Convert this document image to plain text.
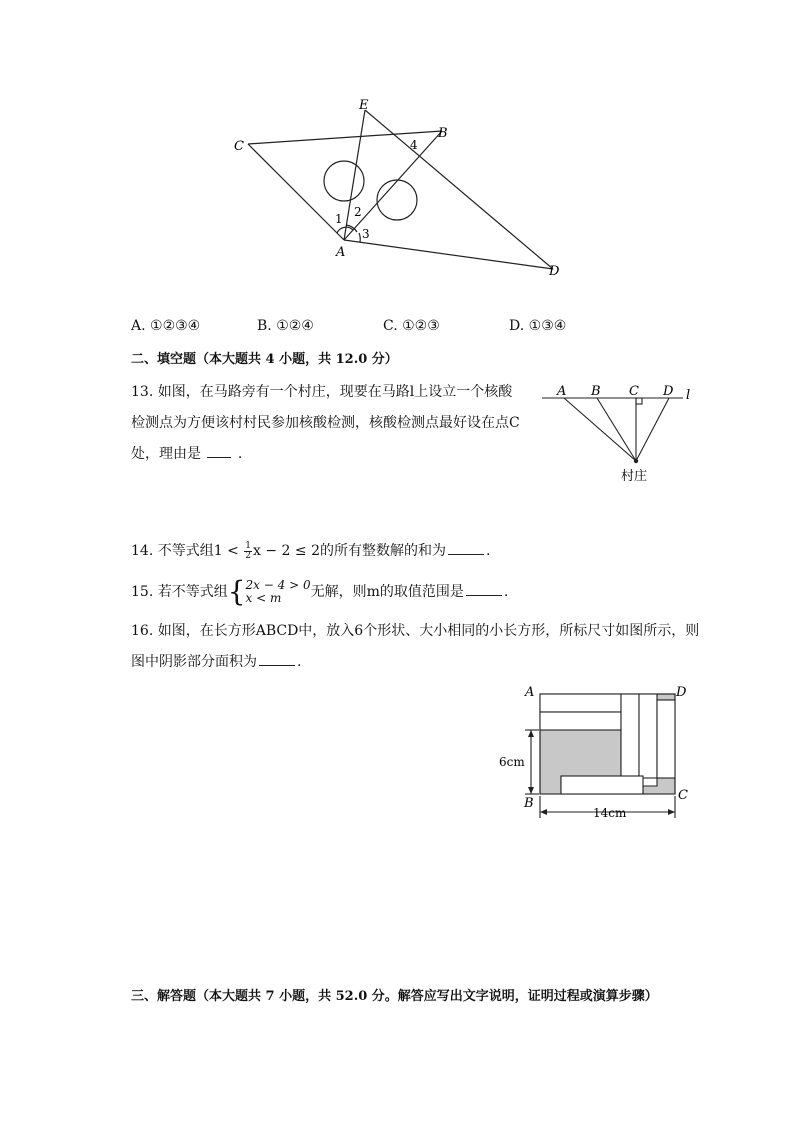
E
B
C
A
D
1 2
3
4
A. ①②③④	B. ①②④	C. ①②③	D. ①③④
二、填空题（本大题共 4 小题，共 12.0 分）
13. 如图，在马路旁有一个村庄，现要在马路l上设立一个核酸
检测点为方便该村村民参加核酸检测，核酸检测点最好设在点C
处，理由是  .
A B C D l
村庄
14. 不等式组$1 < \frac{1}{2}$ x − 2 ≤ 2的所有整数解的和为	.
15. 若不等式组{ 2x − 4 > 0
x < m	无解，则m的取值范围是	.
16. 如图，在长方形ABCD中，放入6个形状、大小相同的小长方形，所标尺寸如图所示，则
图中阴影部分面积为	.
A	D
B
C
6cm
14cm
三、解答题（本大题共 7 小题，共 52.0 分。解答应写出文字说明，证明过程或演算步骤）
